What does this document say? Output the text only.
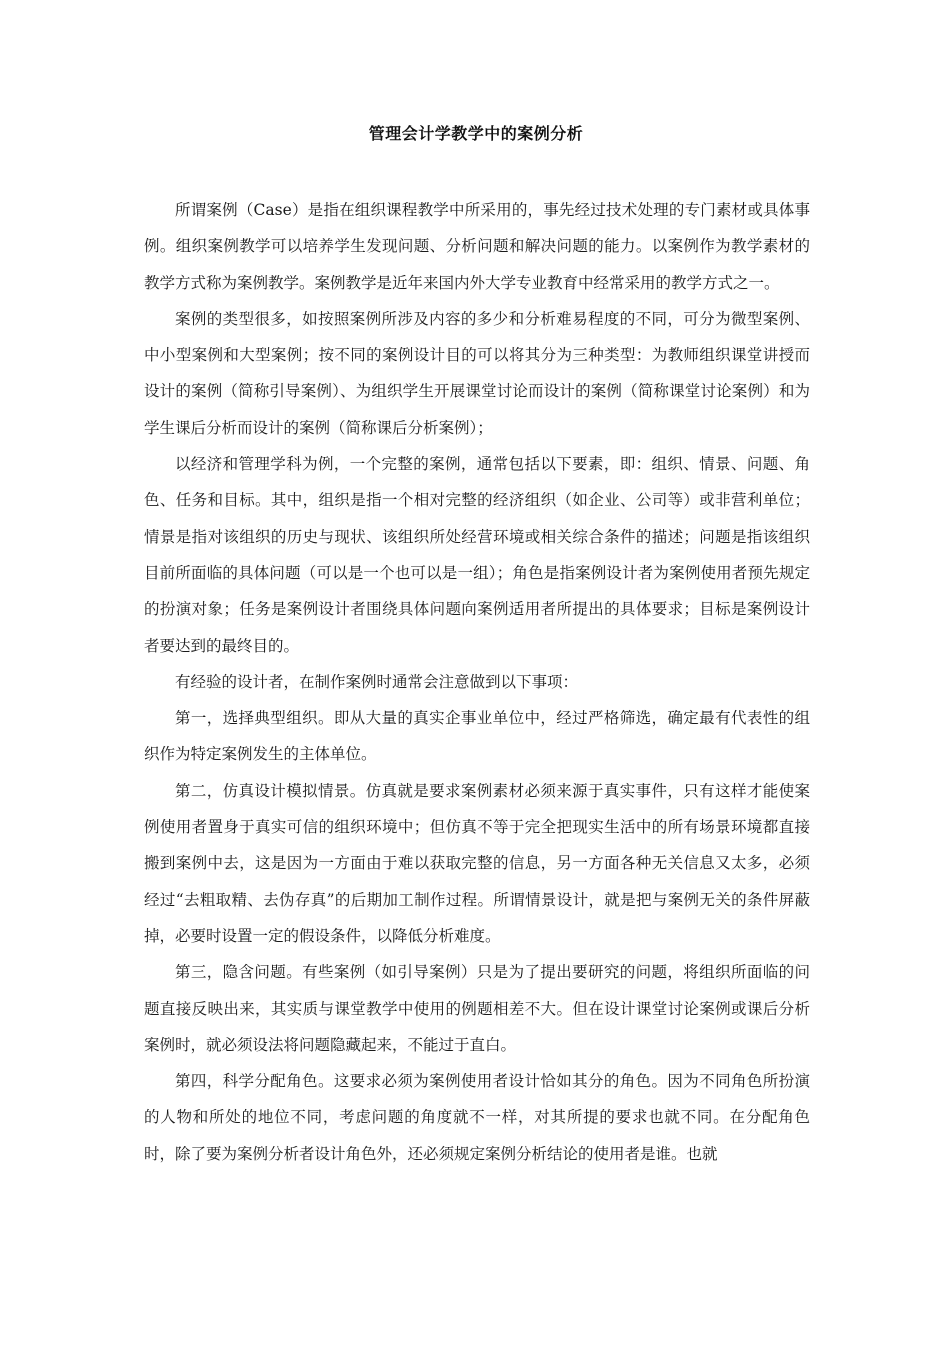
管理会计学教学中的案例分析

所谓案例（Case）是指在组织课程教学中所采用的，事先经过技术处理的专门素材或具体事例。组织案例教学可以培养学生发现问题、分析问题和解决问题的能力。以案例作为教学素材的教学方式称为案例教学。案例教学是近年来国内外大学专业教育中经常采用的教学方式之一。

案例的类型很多，如按照案例所涉及内容的多少和分析难易程度的不同，可分为微型案例、中小型案例和大型案例；按不同的案例设计目的可以将其分为三种类型：为教师组织课堂讲授而设计的案例（简称引导案例）、为组织学生开展课堂讨论而设计的案例（简称课堂讨论案例）和为学生课后分析而设计的案例（简称课后分析案例）；

以经济和管理学科为例，一个完整的案例，通常包括以下要素，即：组织、情景、问题、角色、任务和目标。其中，组织是指一个相对完整的经济组织（如企业、公司等）或非营利单位；情景是指对该组织的历史与现状、该组织所处经营环境或相关综合条件的描述；问题是指该组织目前所面临的具体问题（可以是一个也可以是一组）；角色是指案例设计者为案例使用者预先规定的扮演对象；任务是案例设计者围绕具体问题向案例适用者所提出的具体要求；目标是案例设计者要达到的最终目的。

有经验的设计者，在制作案例时通常会注意做到以下事项：

第一，选择典型组织。即从大量的真实企事业单位中，经过严格筛选，确定最有代表性的组织作为特定案例发生的主体单位。

第二，仿真设计模拟情景。仿真就是要求案例素材必须来源于真实事件，只有这样才能使案例使用者置身于真实可信的组织环境中；但仿真不等于完全把现实生活中的所有场景环境都直接搬到案例中去，这是因为一方面由于难以获取完整的信息，另一方面各种无关信息又太多，必须经过“去粗取精、去伪存真”的后期加工制作过程。所谓情景设计，就是把与案例无关的条件屏蔽掉，必要时设置一定的假设条件，以降低分析难度。

第三，隐含问题。有些案例（如引导案例）只是为了提出要研究的问题，将组织所面临的问题直接反映出来，其实质与课堂教学中使用的例题相差不大。但在设计课堂讨论案例或课后分析案例时，就必须设法将问题隐藏起来，不能过于直白。

第四，科学分配角色。这要求必须为案例使用者设计恰如其分的角色。因为不同角色所扮演的人物和所处的地位不同，考虑问题的角度就不一样，对其所提的要求也就不同。在分配角色时，除了要为案例分析者设计角色外，还必须规定案例分析结论的使用者是谁。也就
